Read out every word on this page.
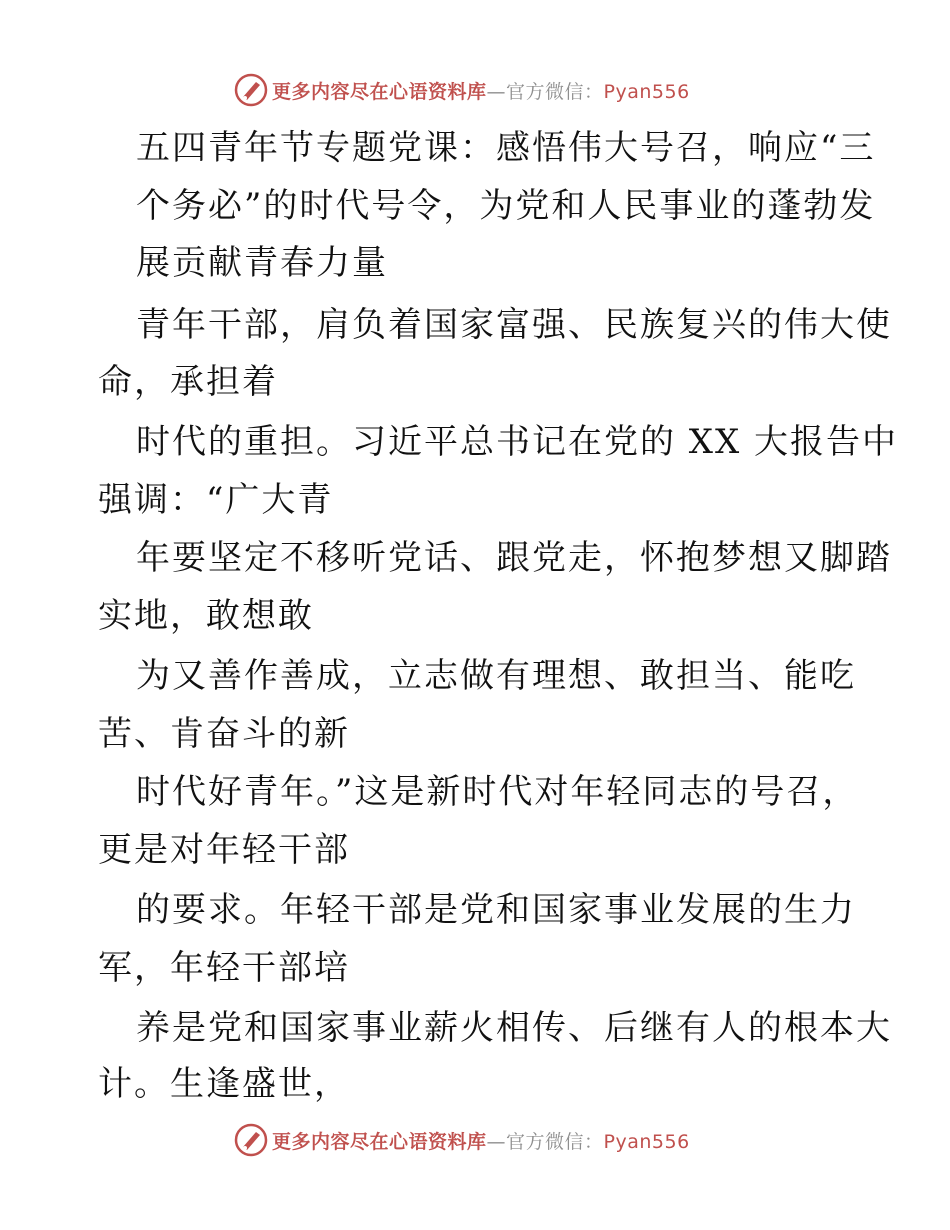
更多内容尽在心语资料库—官方微信：Pyan556
五四青年节专题党课：感悟伟大号召，响应“三
个务必”的时代号令，为党和人民事业的蓬勃发
展贡献青春力量
青年干部，肩负着国家富强、民族复兴的伟大使
命，承担着
时代的重担。习近平总书记在党的 XX 大报告中
强调：“广大青
年要坚定不移听党话、跟党走，怀抱梦想又脚踏
实地，敢想敢
为又善作善成，立志做有理想、敢担当、能吃
苦、肯奋斗的新
时代好青年。”这是新时代对年轻同志的号召，
更是对年轻干部
的要求。年轻干部是党和国家事业发展的生力
军，年轻干部培
养是党和国家事业薪火相传、后继有人的根本大
计。生逢盛世，
更多内容尽在心语资料库—官方微信：Pyan556
